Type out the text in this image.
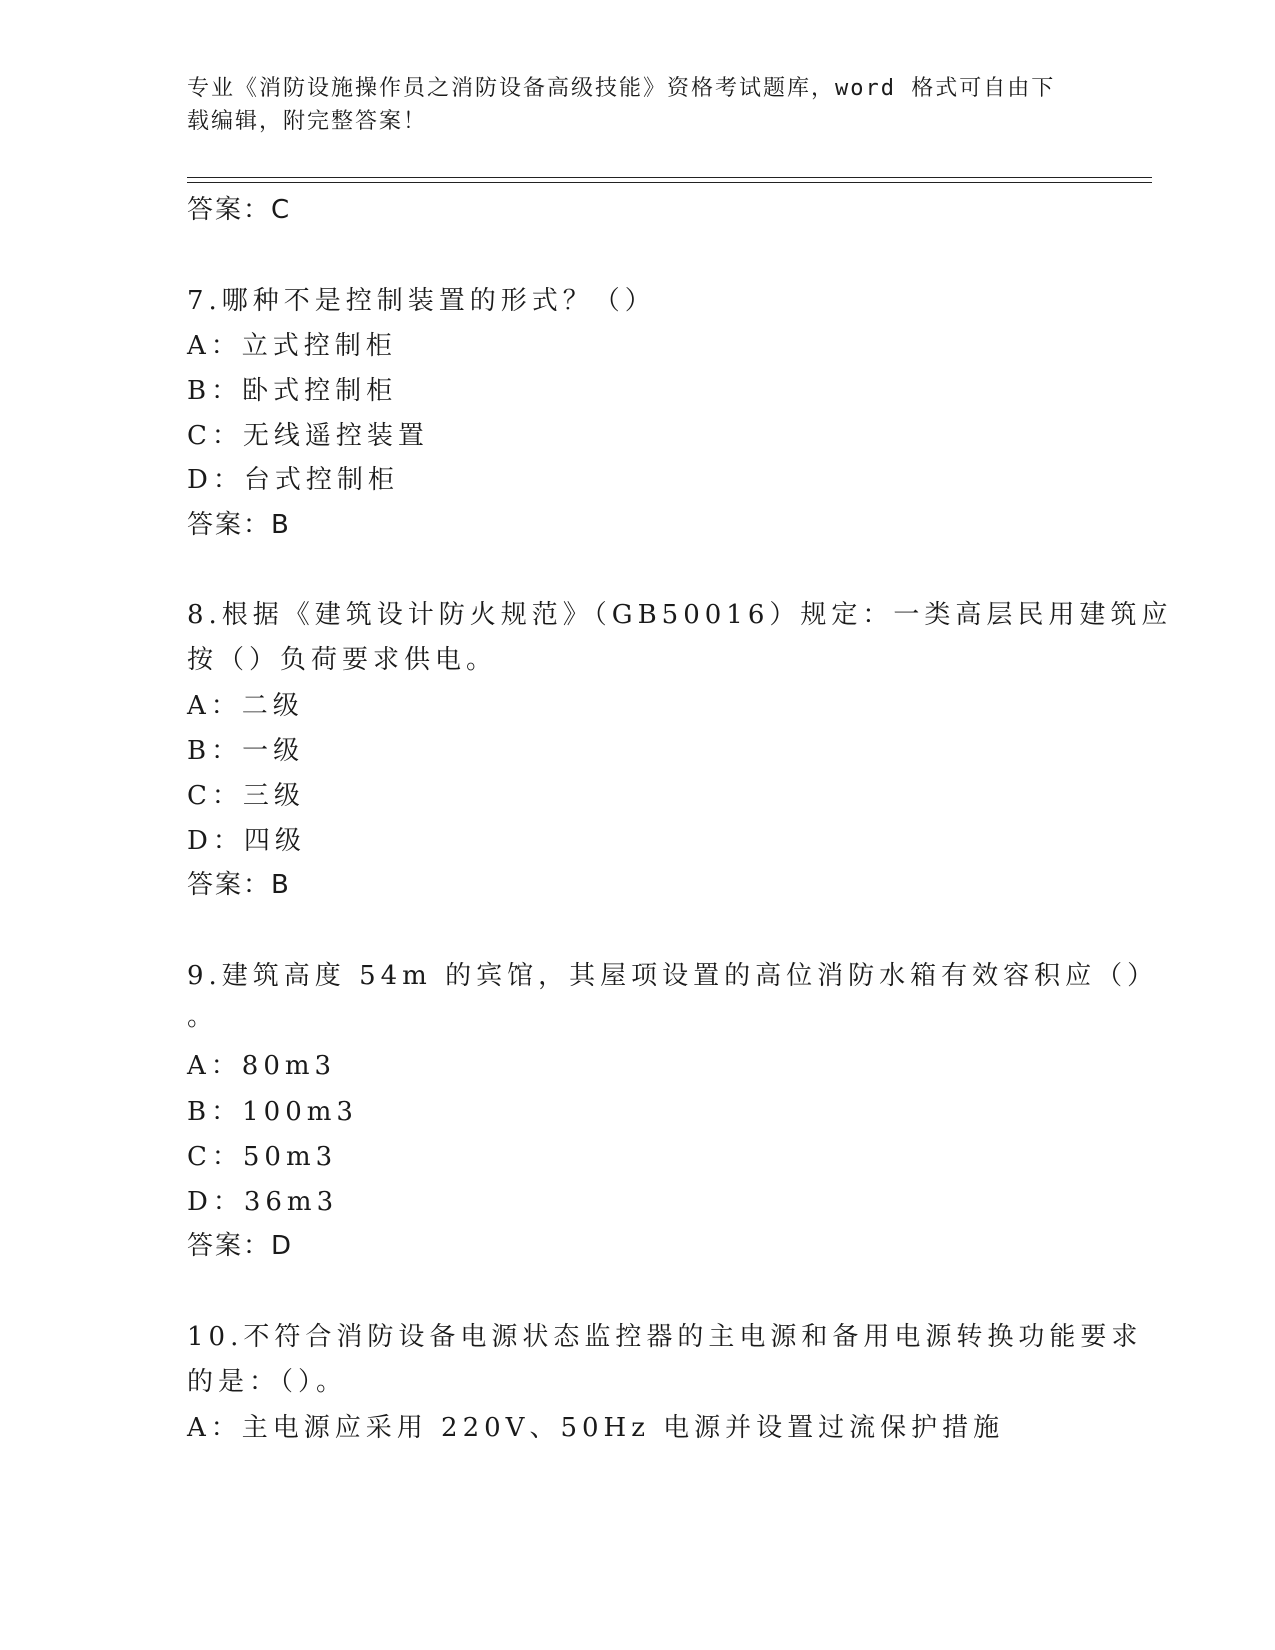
专业《消防设施操作员之消防设备高级技能》资格考试题库，word 格式可自由下
载编辑，附完整答案！
答案：C
7.哪种不是控制装置的形式？（）
A：立式控制柜
B：卧式控制柜
C：无线遥控装置
D：台式控制柜
答案：B
8.根据《建筑设计防火规范》（GB50016）规定：一类高层民用建筑应
按（）负荷要求供电。
A：二级
B：一级
C：三级
D：四级
答案：B
9.建筑高度 54m 的宾馆，其屋项设置的高位消防水箱有效容积应（）
。
A：80m3
B：100m3
C：50m3
D：36m3
答案：D
10.不符合消防设备电源状态监控器的主电源和备用电源转换功能要求
的是：（）。
A：主电源应采用 220V、50Hz 电源并设置过流保护措施
